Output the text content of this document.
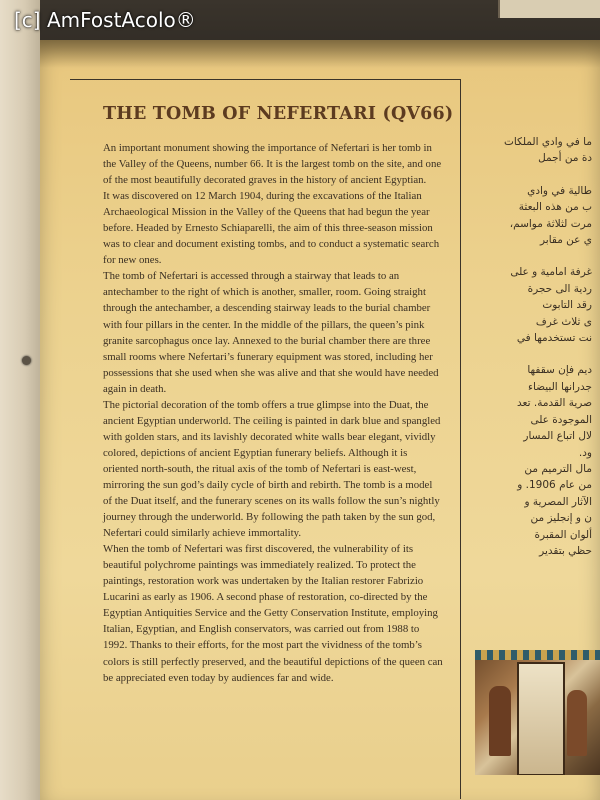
THE TOMB OF NEFERTARI (QV66)

An important monument showing the importance of Nefertari is her tomb in the Valley of the Queens, number 66. It is the largest tomb on the site, and one of the most beautifully decorated graves in the history of ancient Egyptian.

It was discovered on 12 March 1904, during the excavations of the Italian Archaeological Mission in the Valley of the Queens that had begun the year before. Headed by Ernesto Schiaparelli, the aim of this three-season mission was to clear and document existing tombs, and to conduct a systematic search for new ones.

The tomb of Nefertari is accessed through a stairway that leads to an antechamber to the right of which is another, smaller, room. Going straight through the antechamber, a descending stairway leads to the burial chamber with four pillars in the center. In the middle of the pillars, the queen’s pink granite sarcophagus once lay. Annexed to the burial chamber there are three small rooms where Nefertari’s funerary equipment was stored, including her possessions that she used when she was alive and that she would have needed again in death.

The pictorial decoration of the tomb offers a true glimpse into the Duat, the ancient Egyptian underworld. The ceiling is painted in dark blue and spangled with golden stars, and its lavishly decorated white walls bear elegant, vividly colored, depictions of ancient Egyptian funerary beliefs. Although it is oriented north-south, the ritual axis of the tomb of Nefertari is east-west, mirroring the sun god’s daily cycle of birth and rebirth. The tomb is a model of the Duat itself, and the funerary scenes on its walls follow the sun’s nightly journey through the underworld. By following the path taken by the sun god, Nefertari could similarly achieve immortality.

When the tomb of Nefertari was first discovered, the vulnerability of its beautiful polychrome paintings was immediately realized. To protect the paintings, restoration work was undertaken by the Italian restorer Fabrizio Lucarini as early as 1906. A second phase of restoration, co-directed by the Egyptian Antiquities Service and the Getty Conservation Institute, employing Italian, Egyptian, and English conservators, was carried out from 1988 to 1992. Thanks to their efforts, for the most part the vividness of the tomb’s colors is still perfectly preserved, and the beautiful depictions of the queen can be appreciated even today by audiences far and wide.

ما في وادي الملكات
دة من أجمل
طالية في وادي
ب من هذه البعثة
مرت لثلاثة مواسم،
ي عن مقابر
غرفة امامية و على
ردية الى حجرة
رقد التابوت
ى ثلاث غرف
نت تستخدمها في
ديم فإن سقفها
جدرانها البيضاء
صرية القدمة. تعد
الموجودة على
لال اتباع المسار
ود.
مال الترميم من
من عام 1906. و
الآثار المصرية و
ن و إنجليز من
ألوان المقبرة
حظي بتقدير
[c] AmFostAcolo®
